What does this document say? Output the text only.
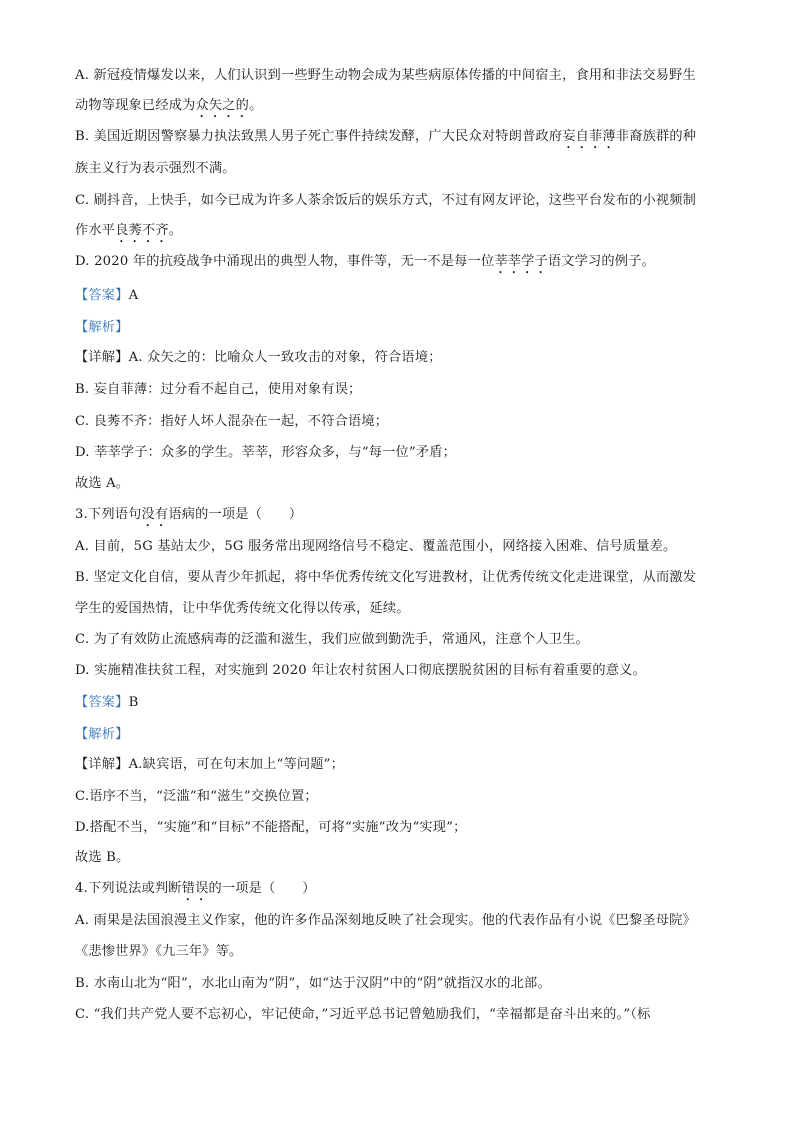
A. 新冠疫情爆发以来，人们认识到一些野生动物会成为某些病原体传播的中间宿主，食用和非法交易野生
动物等现象已经成为众矢之的。
B. 美国近期因警察暴力执法致黑人男子死亡事件持续发酵，广大民众对特朗普政府妄自菲薄非裔族群的种
族主义行为表示强烈不满。
C. 刷抖音，上快手，如今已成为许多人茶余饭后的娱乐方式，不过有网友评论，这些平台发布的小视频制
作水平良莠不齐。
D. 2020 年的抗疫战争中涌现出的典型人物，事件等，无一不是每一位莘莘学子语文学习的例子。
【答案】A
【解析】
【详解】A. 众矢之的：比喻众人一致攻击的对象，符合语境；
B. 妄自菲薄：过分看不起自己，使用对象有误；
C. 良莠不齐：指好人坏人混杂在一起，不符合语境；
D. 莘莘学子：众多的学生。莘莘，形容众多，与“每一位”矛盾；
故选 A。
3.下列语句没有语病的一项是（　　）
A. 目前，5G 基站太少，5G 服务常出现网络信号不稳定、覆盖范围小，网络接入困难、信号质量差。
B. 坚定文化自信，要从青少年抓起，将中华优秀传统文化写进教材，让优秀传统文化走进课堂，从而激发
学生的爱国热情，让中华优秀传统文化得以传承，延续。
C. 为了有效防止流感病毒的泛滥和滋生，我们应做到勤洗手，常通风，注意个人卫生。
D. 实施精准扶贫工程，对实施到 2020 年让农村贫困人口彻底摆脱贫困的目标有着重要的意义。
【答案】B
【解析】
【详解】A.缺宾语，可在句末加上“等问题”；
C.语序不当，“泛滥”和“滋生”交换位置；
D.搭配不当，“实施”和“目标”不能搭配，可将“实施”改为“实现”；
故选 B。
4.下列说法或判断错误的一项是（　　）
A. 雨果是法国浪漫主义作家，他的许多作品深刻地反映了社会现实。他的代表作品有小说《巴黎圣母院》
《悲惨世界》《九三年》等。
B. 水南山北为“阳”，水北山南为“阴”，如“达于汉阴”中的“阴”就指汉水的北部。
C. “我们共产党人要不忘初心，牢记使命，”习近平总书记曾勉励我们，“幸福都是奋斗出来的。”（标
